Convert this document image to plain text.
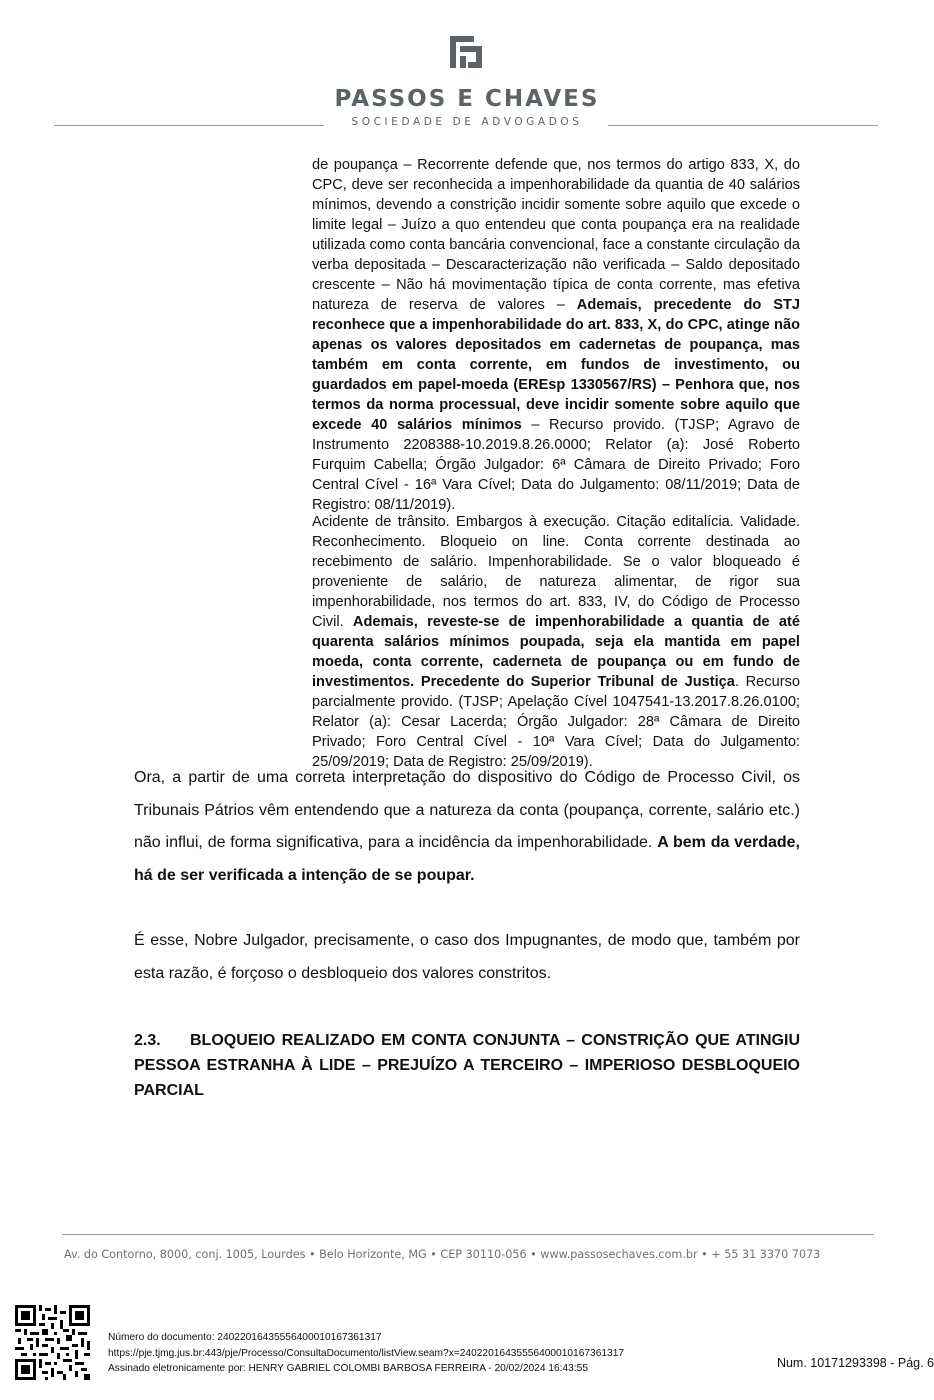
PASSOS E CHAVES
SOCIEDADE DE ADVOGADOS

de poupança – Recorrente defende que, nos termos do artigo 833, X, do CPC, deve ser reconhecida a impenhorabilidade da quantia de 40 salários mínimos, devendo a constrição incidir somente sobre aquilo que excede o limite legal – Juízo a quo entendeu que conta poupança era na realidade utilizada como conta bancária convencional, face a constante circulação da verba depositada – Descaracterização não verificada – Saldo depositado crescente – Não há movimentação típica de conta corrente, mas efetiva natureza de reserva de valores – Ademais, precedente do STJ reconhece que a impenhorabilidade do art. 833, X, do CPC, atinge não apenas os valores depositados em cadernetas de poupança, mas também em conta corrente, em fundos de investimento, ou guardados em papel-moeda (EREsp 1330567/RS) – Penhora que, nos termos da norma processual, deve incidir somente sobre aquilo que excede 40 salários mínimos – Recurso provido. (TJSP; Agravo de Instrumento 2208388-10.2019.8.26.0000; Relator (a): José Roberto Furquim Cabella; Órgão Julgador: 6ª Câmara de Direito Privado; Foro Central Cível - 16ª Vara Cível; Data do Julgamento: 08/11/2019; Data de Registro: 08/11/2019).

Acidente de trânsito. Embargos à execução. Citação editalícia. Validade. Reconhecimento. Bloqueio on line. Conta corrente destinada ao recebimento de salário. Impenhorabilidade. Se o valor bloqueado é proveniente de salário, de natureza alimentar, de rigor sua impenhorabilidade, nos termos do art. 833, IV, do Código de Processo Civil. Ademais, reveste-se de impenhorabilidade a quantia de até quarenta salários mínimos poupada, seja ela mantida em papel moeda, conta corrente, caderneta de poupança ou em fundo de investimentos. Precedente do Superior Tribunal de Justiça. Recurso parcialmente provido. (TJSP; Apelação Cível 1047541-13.2017.8.26.0100; Relator (a): Cesar Lacerda; Órgão Julgador: 28ª Câmara de Direito Privado; Foro Central Cível - 10ª Vara Cível; Data do Julgamento: 25/09/2019; Data de Registro: 25/09/2019).

Ora, a partir de uma correta interpretação do dispositivo do Código de Processo Civil, os Tribunais Pátrios vêm entendendo que a natureza da conta (poupança, corrente, salário etc.) não influi, de forma significativa, para a incidência da impenhorabilidade. A bem da verdade, há de ser verificada a intenção de se poupar.

É esse, Nobre Julgador, precisamente, o caso dos Impugnantes, de modo que, também por esta razão, é forçoso o desbloqueio dos valores constritos.

2.3. BLOQUEIO REALIZADO EM CONTA CONJUNTA – CONSTRIÇÃO QUE ATINGIU PESSOA ESTRANHA À LIDE – PREJUÍZO A TERCEIRO – IMPERIOSO DESBLOQUEIO PARCIAL
Av. do Contorno, 8000, conj. 1005, Lourdes • Belo Horizonte, MG • CEP 30110-056 • www.passosechaves.com.br • + 55 31 3370 7073
Número do documento: 24022016435556400010167361317
https://pje.tjmg.jus.br:443/pje/Processo/ConsultaDocumento/listView.seam?x=24022016435556400010167361317
Assinado eletronicamente por: HENRY GABRIEL COLOMBI BARBOSA FERREIRA - 20/02/2024 16:43:55	Num. 10171293398 - Pág. 6
